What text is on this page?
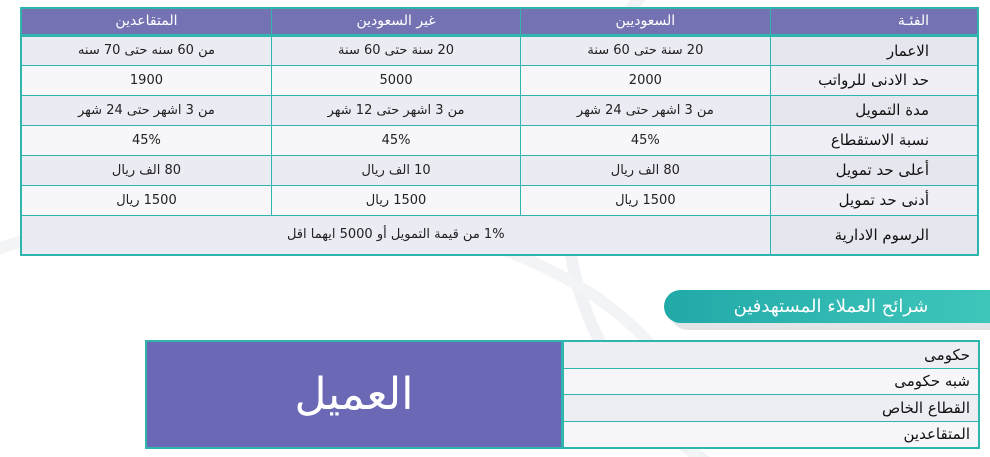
الفئـة	السعوديين	غير السعودين	المتقاعدين
الاعمار	20 سنة حتى 60 سنة	20 سنة حتى 60 سنة	من 60 سنه حتى 70 سنه
حد الادنى للرواتب	2000	5000	1900
مدة التمويل	من 3 اشهر حتى 24 شهر	من 3 اشهر حتى 12 شهر	من 3 اشهر حتى 24 شهر
نسبة الاستقطاع	45%	45%	45%
أعلى حد تمويل	80 الف ريال	10 الف ريال	80 الف ريال
أدنى حد تمويل	1500 ريال	1500 ريال	1500 ريال
الرسوم الادارية	1% من قيمة التمويل أو 5000 ايهما اقل		
شرائح العملاء المستهدفين
العميل
حكومى
شبه حكومى
القطاع الخاص
المتقاعدين
